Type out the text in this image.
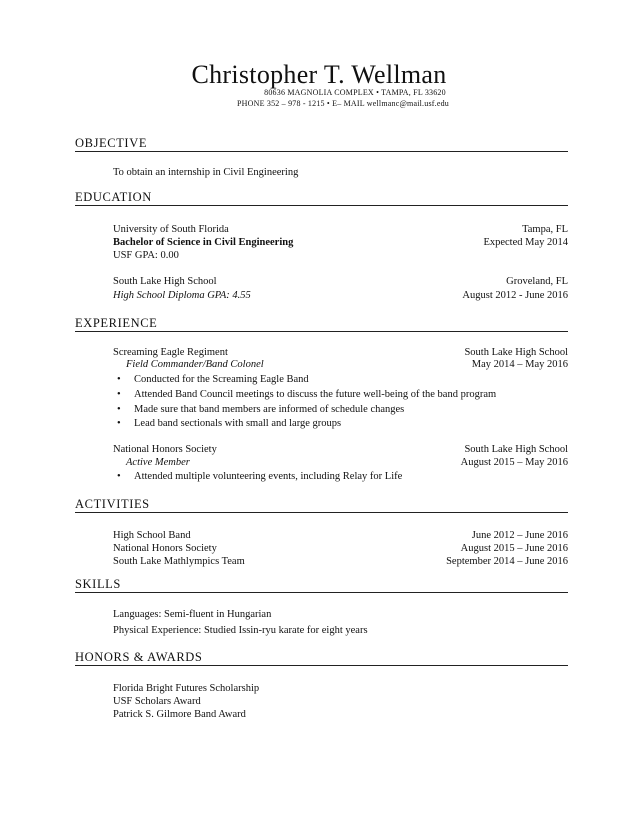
Christopher T. Wellman
80636 MAGNOLIA COMPLEX • TAMPA, FL 33620
PHONE 352 – 978 - 1215 • E– MAIL wellmanc@mail.usf.edu
OBJECTIVE
To obtain an internship in Civil Engineering
EDUCATION
University of South Florida	Tampa, FL
Bachelor of Science in Civil Engineering	Expected May 2014
USF GPA: 0.00
South Lake High School	Groveland, FL
High School Diploma GPA: 4.55	August 2012 - June 2016
EXPERIENCE
Screaming Eagle Regiment	South Lake High School
Field Commander/Band Colonel	May 2014 – May 2016
• Conducted for the Screaming Eagle Band
• Attended Band Council meetings to discuss the future well-being of the band program
• Made sure that band members are informed of schedule changes
• Lead band sectionals with small and large groups
National Honors Society	South Lake High School
Active Member	August 2015 – May 2016
• Attended multiple volunteering events, including Relay for Life
ACTIVITIES
High School Band	June 2012 – June 2016
National Honors Society	August 2015 – June 2016
South Lake Mathlympics Team	September 2014 – June 2016
SKILLS
Languages: Semi-fluent in Hungarian
Physical Experience: Studied Issin-ryu karate for eight years
HONORS & AWARDS
Florida Bright Futures Scholarship
USF Scholars Award
Patrick S. Gilmore Band Award
